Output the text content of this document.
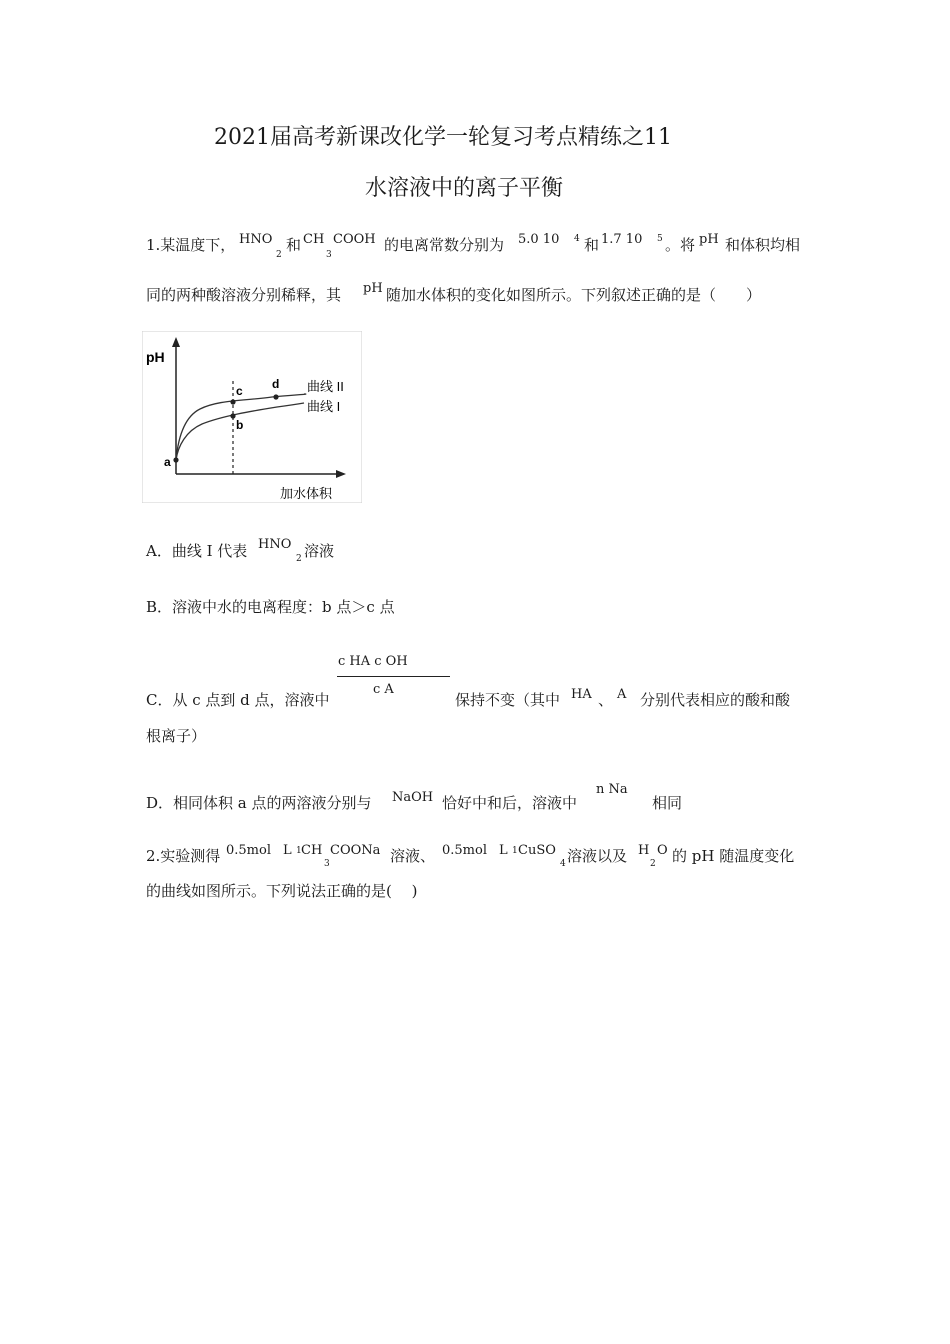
2021届高考新课改化学一轮复习考点精练之11
水溶液中的离子平衡
1.某温度下， HNO
2
和 CH
3
COOH 的电离常数分别为 5.0 10 4 和 1.7 10 5 。将 pH 和体积均相
同的两种酸溶液分别稀释，其 pH 随加水体积的变化如图所示。下列叙述正确的是（　　）
pH
加水体积
a
c
b
d 曲线 II
曲线 I
A．曲线 I 代表 HNO
2 溶液
B．溶液中水的电离程度：b 点＞c 点
c HA c OH
c A
C．从 c 点到 d 点，溶液中	保持不变（其中 HA 、 A 分别代表相应的酸和酸
根离子）
D．相同体积 a 点的两溶液分别与 NaOH 恰好中和后，溶液中
n Na
相同
2.实验测得 0.5mol L 1 CH
3
COONa 溶液、 0.5mol L 1 CuSO
4 溶液以及 H
2
O 的 pH 随温度变化
的曲线如图所示。下列说法正确的是(　 )
